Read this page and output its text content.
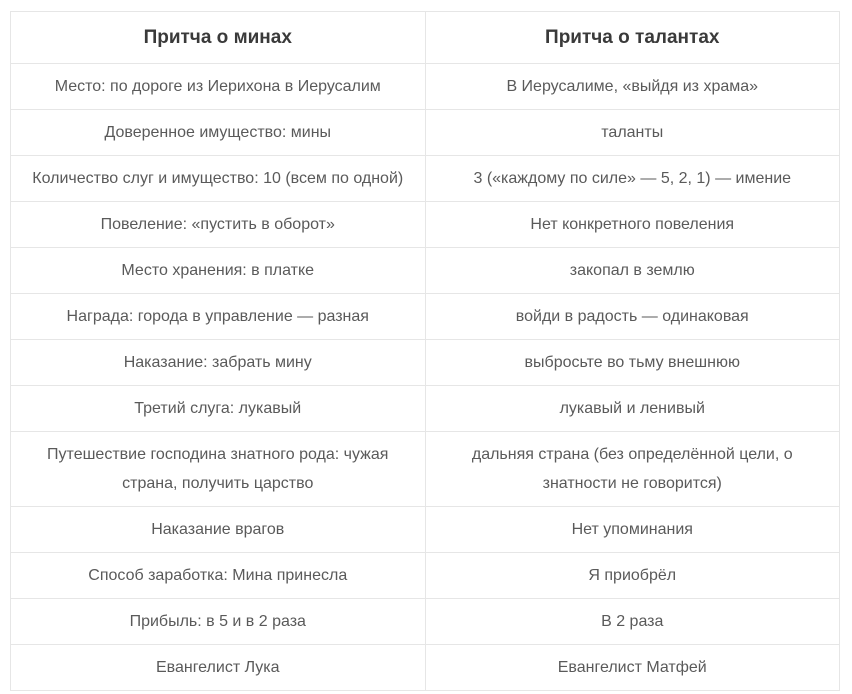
Притча о минах	Притча о талантах
Место: по дороге из Иерихона в Иерусалим	В Иерусалиме, «выйдя из храма»
Доверенное имущество: мины	таланты
Количество слуг и имущество: 10 (всем по одной)	3 («каждому по силе» — 5, 2, 1) — имение
Повеление: «пустить в оборот»	Нет конкретного повеления
Место хранения: в платке	закопал в землю
Награда: города в управление — разная	войди в радость — одинаковая
Наказание: забрать мину	выбросьте во тьму внешнюю
Третий слуга: лукавый	лукавый и ленивый
Путешествие господина знатного рода: чужая страна, получить царство	дальняя страна (без определённой цели, о знатности не говорится)
Наказание врагов	Нет упоминания
Способ заработка: Мина принесла	Я приобрёл
Прибыль: в 5 и в 2 раза	В 2 раза
Евангелист Лука	Евангелист Матфей
